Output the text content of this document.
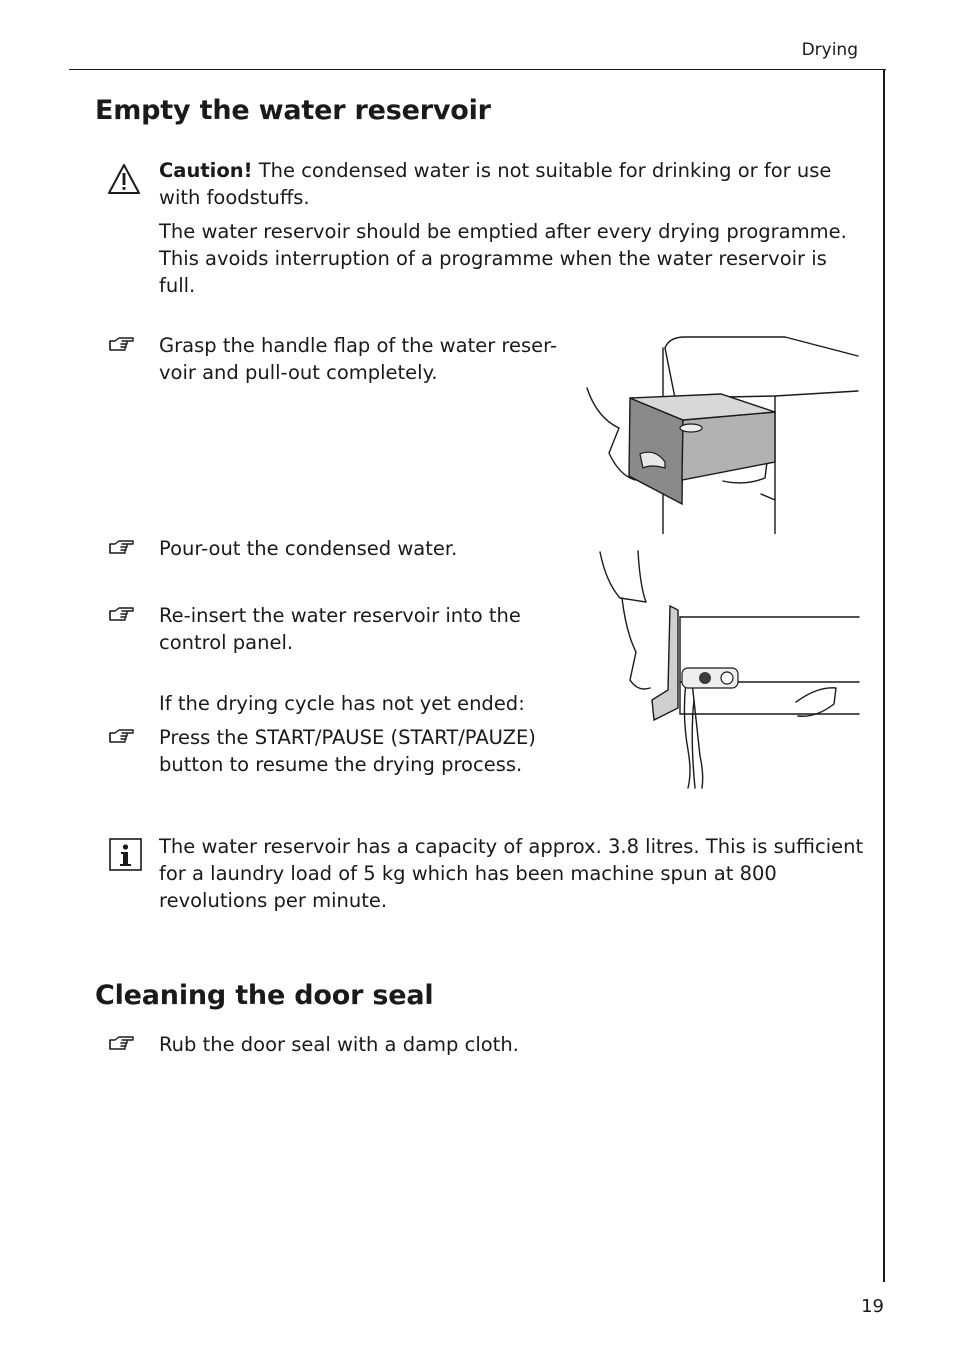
Drying
Empty the water reservoir
Caution! The condensed water is not suitable for drinking or for use with foodstuffs.
The water reservoir should be emptied after every drying programme. This avoids interruption of a programme when the water reservoir is full.
Grasp the handle flap of the water reser-
voir and pull-out completely.
Pour-out the condensed water.
Re-insert the water reservoir into the control panel.
If the drying cycle has not yet ended:
Press the START/PAUSE (START/PAUZE) button to resume the drying process.
The water reservoir has a capacity of approx. 3.8 litres. This is sufficient for a laundry load of 5 kg which has been machine spun at 800 revolutions per minute.
Cleaning the door seal
Rub the door seal with a damp cloth.
19
